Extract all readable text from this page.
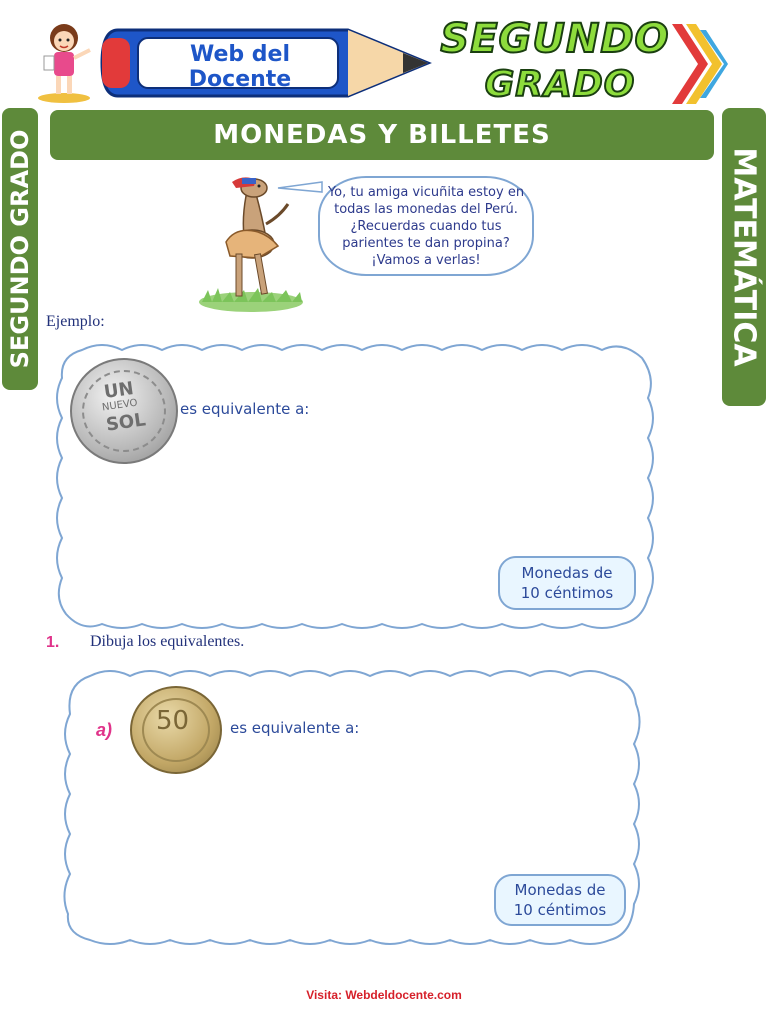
Web del Docente
SEGUNDO
GRADO
SEGUNDO GRADO	MATEMÁTICA
MONEDAS Y BILLETES
Yo, tu amiga vicuñita estoy en todas las monedas del Perú. ¿Recuerdas cuando tus parientes te dan propina? ¡Vamos a verlas!
Ejemplo:
UN
NUEVO
SOL
es equivalente a:
Monedas de
10 céntimos
1. Dibuja los equivalentes.
a) 50	es equivalente a:
Monedas de
10 céntimos
Visita: Webdeldocente.com
